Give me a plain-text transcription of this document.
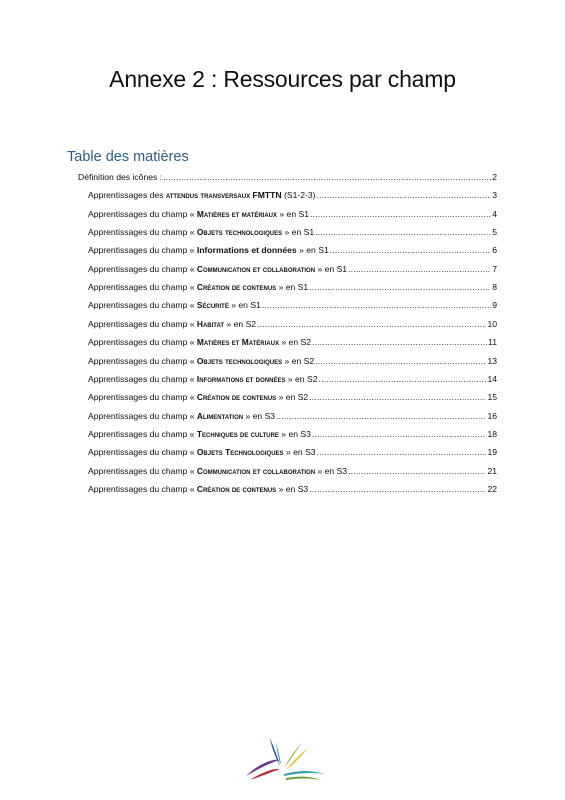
Annexe 2 : Ressources par champ
Table des matières
Définition des icônes : .....	2
Apprentissages des attendus transversaux FMTTN (S1-2-3) .....	3
Apprentissages du champ « Matières et matériaux » en S1 .....	4
Apprentissages du champ « Objets technologiques » en S1 .....	5
Apprentissages du champ « Informations et données » en S1 .....	6
Apprentissages du champ « Communication et collaboration » en S1 .....	7
Apprentissages du champ « Création de contenus » en S1 .....	8
Apprentissages du champ « Sécurité » en S1 .....	9
Apprentissages du champ « Habitat » en S2 .....	10
Apprentissages du champ « Matières et Matériaux » en S2 .....	11
Apprentissages du champ « Objets technologiques » en S2 .....	13
Apprentissages du champ « Informations et données » en S2 .....	14
Apprentissages du champ « Création de contenus » en S2 .....	15
Apprentissages du champ « Alimentation » en S3 .....	16
Apprentissages du champ « Techniques de culture » en S3 .....	18
Apprentissages du champ « Objets Technologiques » en S3 .....	19
Apprentissages du champ « Communication et collaboration » en S3 .....	21
Apprentissages du champ « Création de contenus » en S3 .....	22
